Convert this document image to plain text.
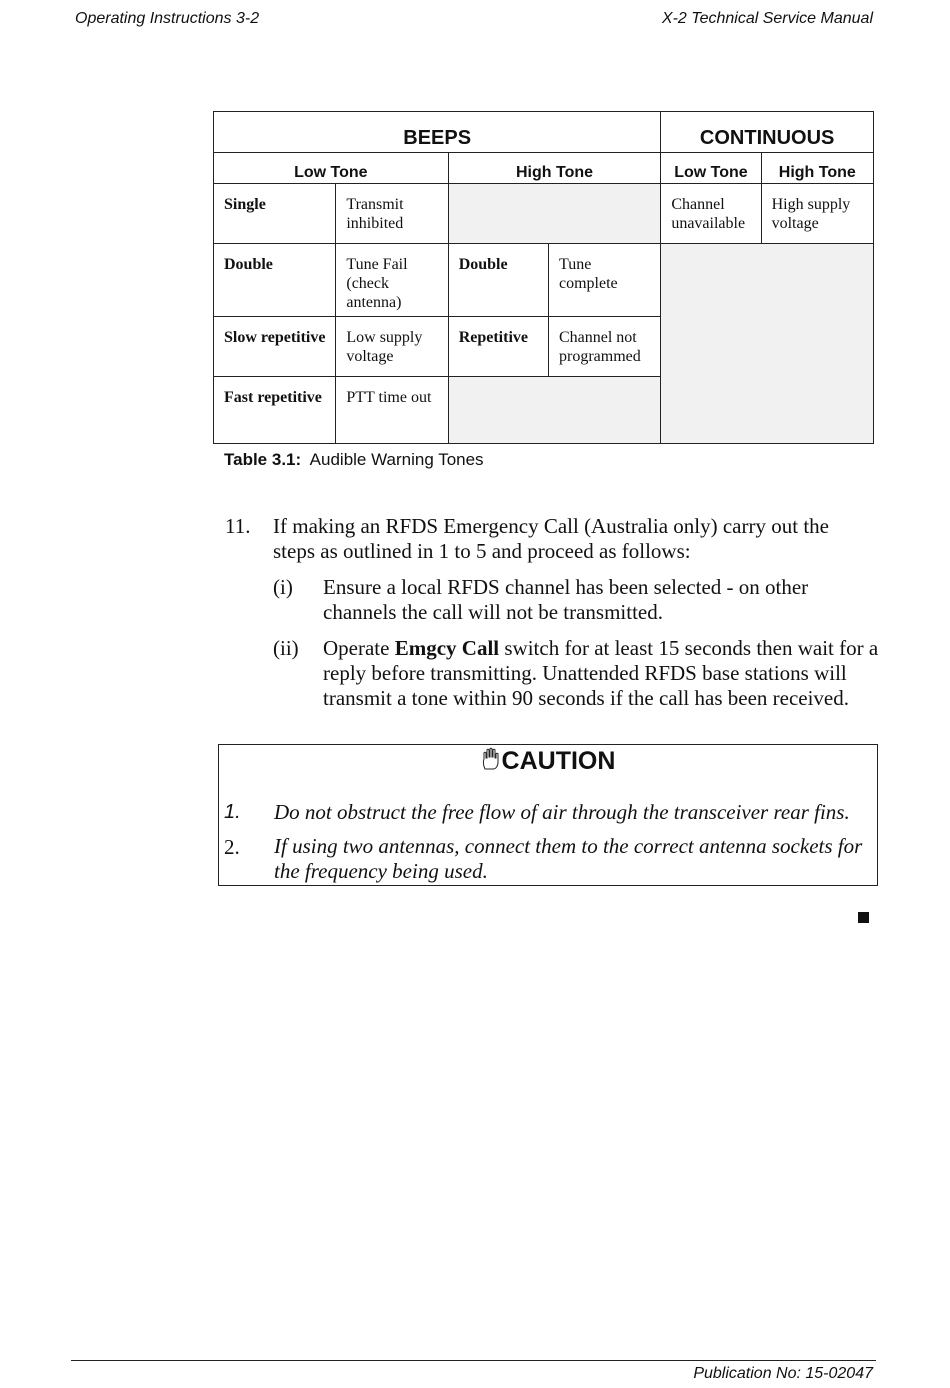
Operating Instructions 3-2	X-2 Technical Service Manual
BEEPS				CONTINUOUS	
Low Tone		High Tone		Low Tone	High Tone
Single	Transmit inhibited			Channel unavailable	High supply voltage
Double	Tune Fail (check antenna)	Double	Tune complete		
Slow repetitive	Low supply voltage	Repetitive	Channel not programmed		
Fast repetitive	PTT time out				
Table 3.1: Audible Warning Tones
11. If making an RFDS Emergency Call (Australia only) carry out the steps as outlined in 1 to 5 and proceed as follows:
(i) Ensure a local RFDS channel has been selected - on other channels the call will not be transmitted.
(ii) Operate Emgcy Call switch for at least 15 seconds then wait for a reply before transmitting. Unattended RFDS base stations will transmit a tone within 90 seconds if the call has been received.
CAUTION
1. Do not obstruct the free flow of air through the transceiver rear fins.
2. If using two antennas, connect them to the correct antenna sockets for the frequency being used.
Publication No: 15-02047
